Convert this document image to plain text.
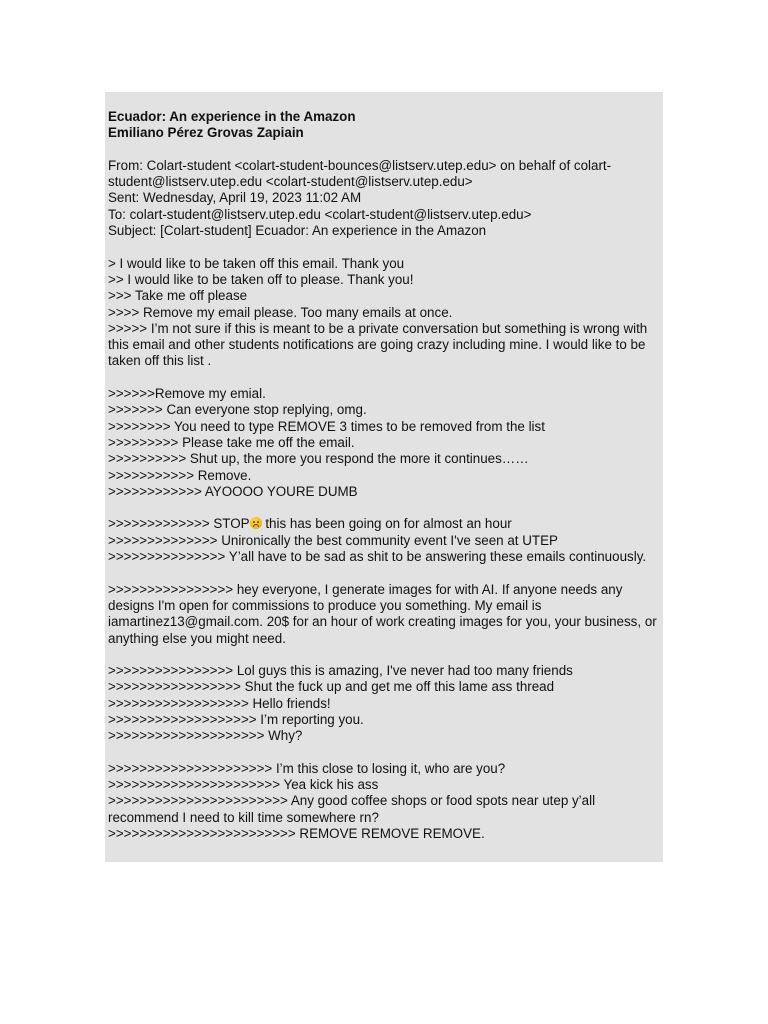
Ecuador: An experience in the Amazon

Emiliano Pérez Grovas Zapiain

From: Colart-student <colart-student-bounces@listserv.utep.edu> on behalf of colart-student@listserv.utep.edu <colart-student@listserv.utep.edu>

Sent: Wednesday, April 19, 2023 11:02 AM

To: colart-student@listserv.utep.edu <colart-student@listserv.utep.edu>

Subject: [Colart-student] Ecuador: An experience in the Amazon

> I would like to be taken off this email. Thank you

>> I would like to be taken off to please. Thank you!

>>> Take me off please

>>>> Remove my email please. Too many emails at once.

>>>>> I’m not sure if this is meant to be a private conversation but something is wrong with this email and other students notifications are going crazy including mine. I would like to be taken off this list .

>>>>>>Remove my emial.

>>>>>>> Can everyone stop replying, omg.

>>>>>>>> You need to type REMOVE 3 times to be removed from the list

>>>>>>>>> Please take me off the email.

>>>>>>>>>> Shut up, the more you respond the more it continues……

>>>>>>>>>>> Remove.

>>>>>>>>>>>> AYOOOO YOURE DUMB

>>>>>>>>>>>>> STOP this has been going on for almost an hour

>>>>>>>>>>>>>> Unironically the best community event I've seen at UTEP

>>>>>>>>>>>>>>> Y’all have to be sad as shit to be answering these emails continuously.

>>>>>>>>>>>>>>>> hey everyone, I generate images for with AI. If anyone needs any designs I'm open for commissions to produce you something. My email is iamartinez13@gmail.com. 20$ for an hour of work creating images for you, your business, or anything else you might need.

>>>>>>>>>>>>>>>> Lol guys this is amazing, I've never had too many friends

>>>>>>>>>>>>>>>>> Shut the fuck up and get me off this lame ass thread

>>>>>>>>>>>>>>>>>> Hello friends!

>>>>>>>>>>>>>>>>>>> I’m reporting you.

>>>>>>>>>>>>>>>>>>>> Why?

>>>>>>>>>>>>>>>>>>>>> I’m this close to losing it, who are you?

>>>>>>>>>>>>>>>>>>>>>> Yea kick his ass

>>>>>>>>>>>>>>>>>>>>>>> Any good coffee shops or food spots near utep y’all recommend I need to kill time somewhere rn?

>>>>>>>>>>>>>>>>>>>>>>>> REMOVE REMOVE REMOVE.
